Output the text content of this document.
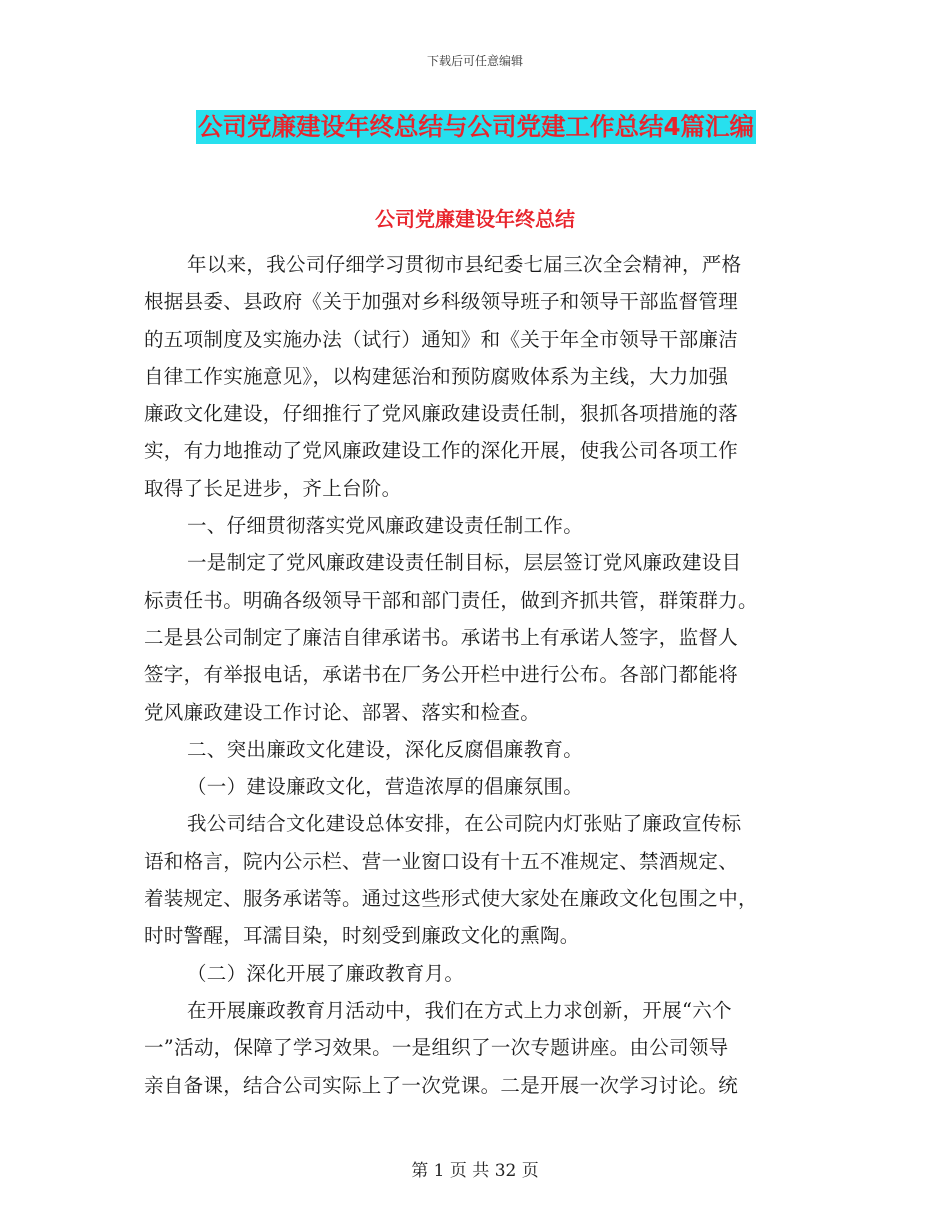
下载后可任意编辑
公司党廉建设年终总结与公司党建工作总结4篇汇编
公司党廉建设年终总结
年以来，我公司仔细学习贯彻市县纪委七届三次全会精神，严格
根据县委、县政府《关于加强对乡科级领导班子和领导干部监督管理
的五项制度及实施办法（试行）通知》和《关于年全市领导干部廉洁
自律工作实施意见》，以构建惩治和预防腐败体系为主线，大力加强
廉政文化建设，仔细推行了党风廉政建设责任制，狠抓各项措施的落
实，有力地推动了党风廉政建设工作的深化开展，使我公司各项工作
取得了长足进步，齐上台阶。
一、仔细贯彻落实党风廉政建设责任制工作。
一是制定了党风廉政建设责任制目标，层层签订党风廉政建设目
标责任书。明确各级领导干部和部门责任，做到齐抓共管，群策群力。
二是县公司制定了廉洁自律承诺书。承诺书上有承诺人签字，监督人
签字，有举报电话，承诺书在厂务公开栏中进行公布。各部门都能将
党风廉政建设工作讨论、部署、落实和检查。
二、突出廉政文化建设，深化反腐倡廉教育。
（一）建设廉政文化，营造浓厚的倡廉氛围。
我公司结合文化建设总体安排，在公司院内灯张贴了廉政宣传标
语和格言，院内公示栏、营一业窗口设有十五不准规定、禁酒规定、
着装规定、服务承诺等。通过这些形式使大家处在廉政文化包围之中，
时时警醒，耳濡目染，时刻受到廉政文化的熏陶。
（二）深化开展了廉政教育月。
在开展廉政教育月活动中，我们在方式上力求创新，开展“六个
一”活动，保障了学习效果。一是组织了一次专题讲座。由公司领导
亲自备课，结合公司实际上了一次党课。二是开展一次学习讨论。统
第 1 页 共 32 页
